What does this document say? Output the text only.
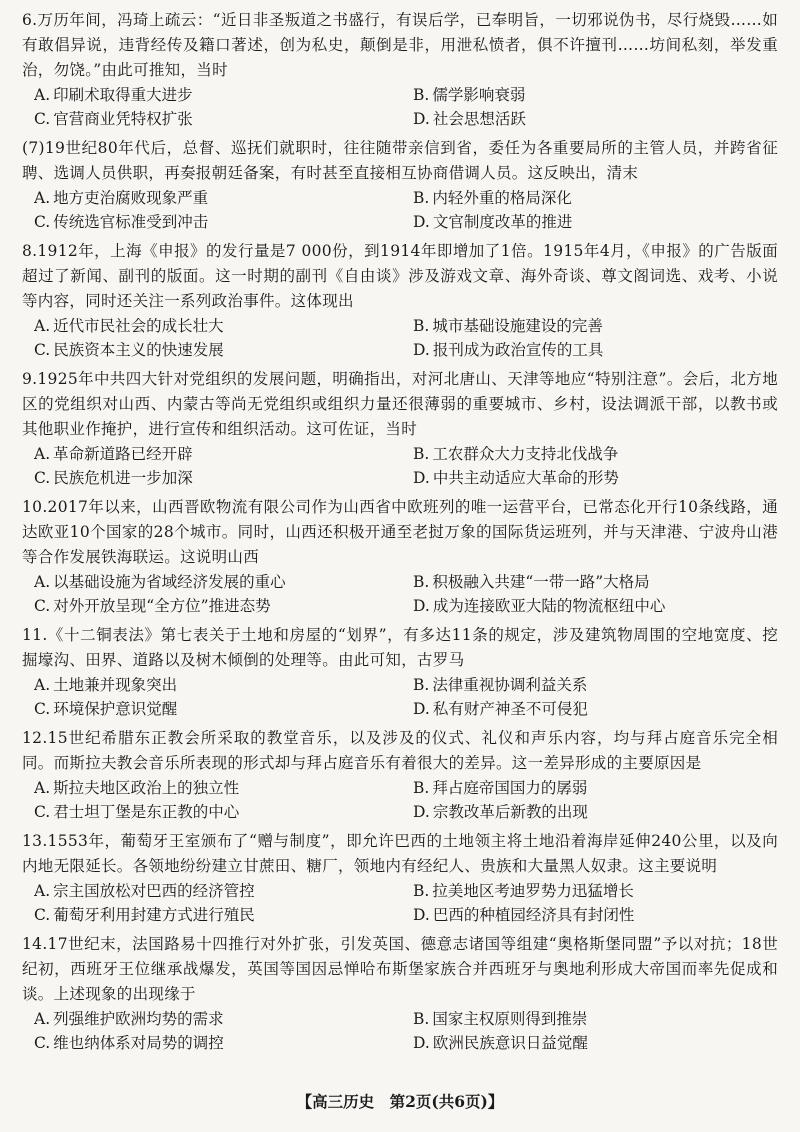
6.万历年间，冯琦上疏云：“近日非圣叛道之书盛行，有误后学，已奉明旨，一切邪说伪书，尽行烧毁……如有敢倡异说，违背经传及籍口著述，创为私史，颠倒是非，用泄私愤者，俱不许擅刊……坊间私刻，举发重治，勿饶。”由此可推知，当时
A. 印刷术取得重大进步	B. 儒学影响衰弱
C. 官营商业凭特权扩张	D. 社会思想活跃
(7)19世纪80年代后，总督、巡抚们就职时，往往随带亲信到省，委任为各重要局所的主管人员，并跨省征聘、选调人员供职，再奏报朝廷备案，有时甚至直接相互协商借调人员。这反映出，清末
A. 地方吏治腐败现象严重	B. 内轻外重的格局深化
C. 传统选官标准受到冲击	D. 文官制度改革的推进
8.1912年，上海《申报》的发行量是7 000份，到1914年即增加了1倍。1915年4月，《申报》的广告版面超过了新闻、副刊的版面。这一时期的副刊《自由谈》涉及游戏文章、海外奇谈、尊文阁词选、戏考、小说等内容，同时还关注一系列政治事件。这体现出
A. 近代市民社会的成长壮大	B. 城市基础设施建设的完善
C. 民族资本主义的快速发展	D. 报刊成为政治宣传的工具
9.1925年中共四大针对党组织的发展问题，明确指出，对河北唐山、天津等地应“特别注意”。会后，北方地区的党组织对山西、内蒙古等尚无党组织或组织力量还很薄弱的重要城市、乡村，设法调派干部，以教书或其他职业作掩护，进行宣传和组织活动。这可佐证，当时
A. 革命新道路已经开辟	B. 工农群众大力支持北伐战争
C. 民族危机进一步加深	D. 中共主动适应大革命的形势
10.2017年以来，山西晋欧物流有限公司作为山西省中欧班列的唯一运营平台，已常态化开行10条线路，通达欧亚10个国家的28个城市。同时，山西还积极开通至老挝万象的国际货运班列，并与天津港、宁波舟山港等合作发展铁海联运。这说明山西
A. 以基础设施为省域经济发展的重心	B. 积极融入共建“一带一路”大格局
C. 对外开放呈现“全方位”推进态势	D. 成为连接欧亚大陆的物流枢纽中心
11.《十二铜表法》第七表关于土地和房屋的“划界”，有多达11条的规定，涉及建筑物周围的空地宽度、挖掘壕沟、田界、道路以及树木倾倒的处理等。由此可知，古罗马
A. 土地兼并现象突出	B. 法律重视协调利益关系
C. 环境保护意识觉醒	D. 私有财产神圣不可侵犯
12.15世纪希腊东正教会所采取的教堂音乐，以及涉及的仪式、礼仪和声乐内容，均与拜占庭音乐完全相同。而斯拉夫教会音乐所表现的形式却与拜占庭音乐有着很大的差异。这一差异形成的主要原因是
A. 斯拉夫地区政治上的独立性	B. 拜占庭帝国国力的孱弱
C. 君士坦丁堡是东正教的中心	D. 宗教改革后新教的出现
13.1553年，葡萄牙王室颁布了“赠与制度”，即允许巴西的土地领主将土地沿着海岸延伸240公里，以及向内地无限延长。各领地纷纷建立甘蔗田、糖厂，领地内有经纪人、贵族和大量黑人奴隶。这主要说明
A. 宗主国放松对巴西的经济管控	B. 拉美地区考迪罗势力迅猛增长
C. 葡萄牙利用封建方式进行殖民	D. 巴西的种植园经济具有封闭性
14.17世纪末，法国路易十四推行对外扩张，引发英国、德意志诸国等组建“奥格斯堡同盟”予以对抗；18世纪初，西班牙王位继承战爆发，英国等国因忌惮哈布斯堡家族合并西班牙与奥地利形成大帝国而率先促成和谈。上述现象的出现缘于
A. 列强维护欧洲均势的需求	B. 国家主权原则得到推崇
C. 维也纳体系对局势的调控	D. 欧洲民族意识日益觉醒
【高三历史　第2页(共6页)】
